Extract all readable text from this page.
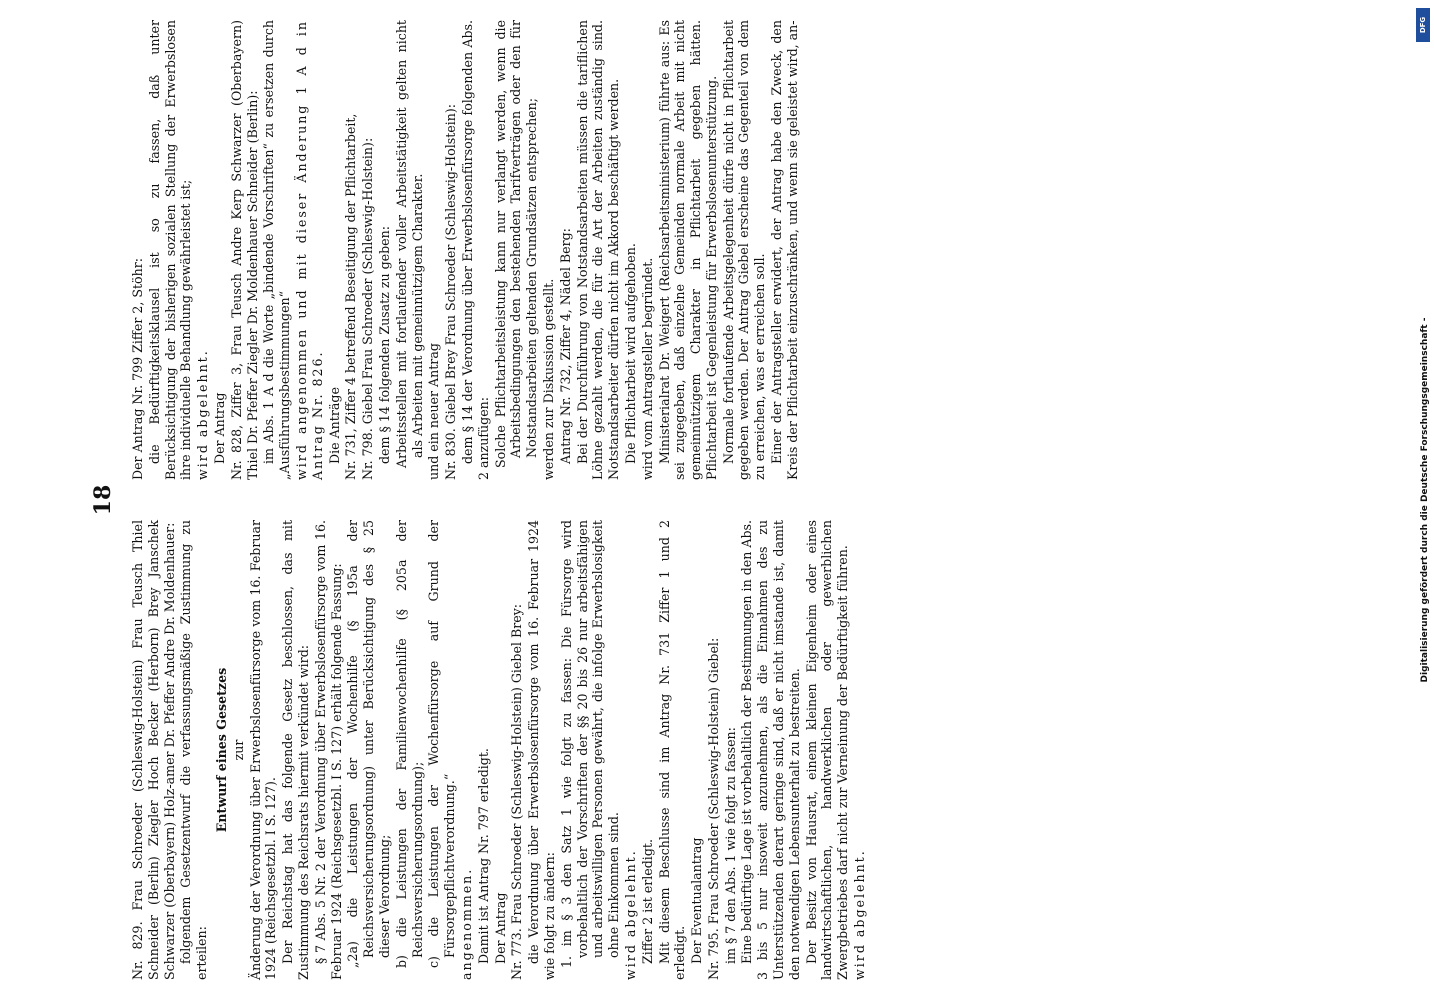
DFG
Digitalisierung gefördert durch die Deutsche Forschungsgemeinschaft -
18

Nr. 829. Frau Schroeder (Schleswig-Holstein) Frau Teusch Thiel Schneider (Berlin) Ziegler Hoch Becker (Herborn) Brey Janschek Schwarzer (Oberbayern) Holz-amer Dr. Pfeffer Andre Dr. Moldenhauer: folgendem Gesetzentwurf die verfassungsmäßige Zustimmung zu erteilen:

Entwurf eines Gesetzes zur Änderung der Verordnung über Erwerbslosenfürsorge vom 16. Februar 1924 (Reichsgesetzbl. I S. 127). Der Reichstag hat das folgende Gesetz beschlossen, das mit Zustimmung des Reichsrats hiermit verkündet wird: § 7 Abs. 5 Nr. 2 der Verordnung über Erwerbslosenfürsorge vom 16. Februar 1924 (Reichsgesetzbl. I S. 127) erhält folgende Fassung: „2a) die Leistungen der Wochenhilfe (§ 195a der Reichsversicherungsordnung) unter Berücksichtigung des § 25 dieser Verordnung; b) die Leistungen der Familienwochenhilfe (§ 205a der Reichsversicherungsordnung); c) die Leistungen der Wochenfürsorge auf Grund der Fürsorgepflichtverordnung.“ angenommen. Damit ist Antrag Nr. 797 erledigt. Der Antrag Nr. 773. Frau Schroeder (Schleswig-Holstein) Giebel Brey: die Verordnung über Erwerbslosenfürsorge vom 16. Februar 1924 wie folgt zu ändern: 1. im § 3 den Satz 1 wie folgt zu fassen: Die Fürsorge wird vorbehaltlich der Vorschriften der §§ 20 bis 26 nur arbeitsfähigen und arbeitswilligen Personen gewährt, die infolge Erwerbslosigkeit ohne Einkommen sind. wird abgelehnt. Ziffer 2 ist erledigt. Mit diesem Beschlusse sind im Antrag Nr. 731 Ziffer 1 und 2 erledigt. Der Eventualantrag Nr. 795. Frau Schroeder (Schleswig-Holstein) Giebel: im § 7 den Abs. 1 wie folgt zu fassen: Eine bedürftige Lage ist vorbehaltlich der Bestimmungen in den Abs. 3 bis 5 nur insoweit anzunehmen, als die Einnahmen des zu Unterstützenden derart geringe sind, daß er nicht imstande ist, damit den notwendigen Lebensunterhalt zu bestreiten. Der Besitz von Hausrat, einem kleinen Eigenheim oder eines landwirtschaftlichen, handwerklichen oder gewerblichen Zwergbetriebes darf nicht zur Verneinung der Bedürftigkeit führen. wird abgelehnt.

Der Antrag Nr. 799 Ziffer 2, Stöhr: die Bedürftigkeitsklausel ist so zu fassen, daß unter Berücksichtigung der bisherigen sozialen Stellung der Erwerbslosen ihre individuelle Behandlung gewährleistet ist; wird abgelehnt. Der Antrag Nr. 828, Ziffer 3, Frau Teusch Andre Kerp Schwarzer (Oberbayern) Thiel Dr. Pfeffer Ziegler Dr. Moldenhauer Schneider (Berlin): im Abs. 1 A d die Worte „bindende Vorschriften“ zu ersetzen durch „Ausführungsbestimmungen“ wird angenommen und mit dieser Änderung 1 A d in Antrag Nr. 826. Die Anträge Nr. 731, Ziffer 4 betreffend Beseitigung der Pflichtarbeit, Nr. 798. Giebel Frau Schroeder (Schleswig-Holstein): dem § 14 folgenden Zusatz zu geben: Arbeitsstellen mit fortlaufender voller Arbeitstätigkeit gelten nicht als Arbeiten mit gemeinnützigem Charakter. und ein neuer Antrag Nr. 830. Giebel Brey Frau Schroeder (Schleswig-Holstein): dem § 14 der Verordnung über Erwerbslosenfürsorge folgenden Abs. 2 anzufügen: Solche Pflichtarbeitsleistung kann nur verlangt werden, wenn die Arbeitsbedingungen den bestehenden Tarifverträgen oder den für Notstandsarbeiten geltenden Grundsätzen entsprechen; werden zur Diskussion gestellt. Antrag Nr. 732, Ziffer 4, Nädel Berg: Bei der Durchführung von Notstandsarbeiten müssen die tariflichen Löhne gezahlt werden, die für die Art der Arbeiten zuständig sind. Notstandsarbeiter dürfen nicht im Akkord beschäftigt werden. Die Pflichtarbeit wird aufgehoben. wird vom Antragsteller begründet. Ministerialrat Dr. Weigert (Reichsarbeitsministerium) führte aus: Es sei zugegeben, daß einzelne Gemeinden normale Arbeit mit nicht gemeinnützigem Charakter in Pflichtarbeit gegeben hätten. Pflichtarbeit ist Gegenleistung für Erwerbslosenunterstützung. Normale fortlaufende Arbeitsgelegenheit dürfe nicht in Pflichtarbeit gegeben werden. Der Antrag Giebel erscheine das Gegenteil von dem zu erreichen, was er erreichen soll. Einer der Antragsteller erwidert, der Antrag habe den Zweck, den Kreis der Pflichtarbeit einzuschränken, und wenn sie geleistet wird, an-
